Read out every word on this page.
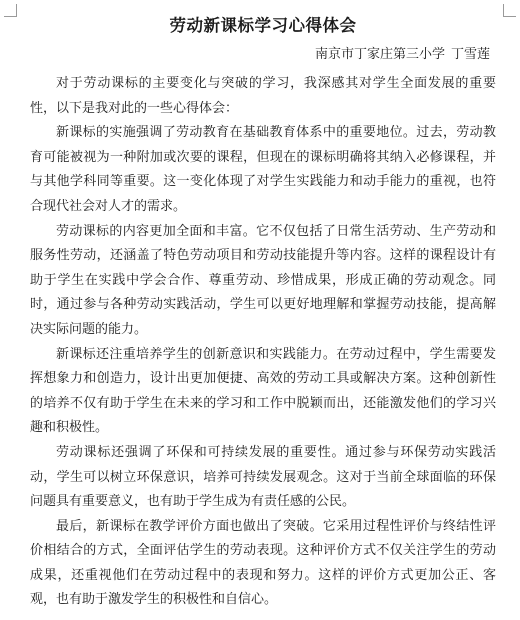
劳动新课标学习心得体会
南京市丁家庄第三小学 丁雪莲

对于劳动课标的主要变化与突破的学习，我深感其对学生全面发展的重要性，以下是我对此的一些心得体会：

新课标的实施强调了劳动教育在基础教育体系中的重要地位。过去，劳动教育可能被视为一种附加或次要的课程，但现在的课标明确将其纳入必修课程，并与其他学科同等重要。这一变化体现了对学生实践能力和动手能力的重视，也符合现代社会对人才的需求。

劳动课标的内容更加全面和丰富。它不仅包括了日常生活劳动、生产劳动和服务性劳动，还涵盖了特色劳动项目和劳动技能提升等内容。这样的课程设计有助于学生在实践中学会合作、尊重劳动、珍惜成果，形成正确的劳动观念。同时，通过参与各种劳动实践活动，学生可以更好地理解和掌握劳动技能，提高解决实际问题的能力。

新课标还注重培养学生的创新意识和实践能力。在劳动过程中，学生需要发挥想象力和创造力，设计出更加便捷、高效的劳动工具或解决方案。这种创新性的培养不仅有助于学生在未来的学习和工作中脱颖而出，还能激发他们的学习兴趣和积极性。

劳动课标还强调了环保和可持续发展的重要性。通过参与环保劳动实践活动，学生可以树立环保意识，培养可持续发展观念。这对于当前全球面临的环保问题具有重要意义，也有助于学生成为有责任感的公民。

最后，新课标在教学评价方面也做出了突破。它采用过程性评价与终结性评价相结合的方式，全面评估学生的劳动表现。这种评价方式不仅关注学生的劳动成果，还重视他们在劳动过程中的表现和努力。这样的评价方式更加公正、客观，也有助于激发学生的积极性和自信心。
